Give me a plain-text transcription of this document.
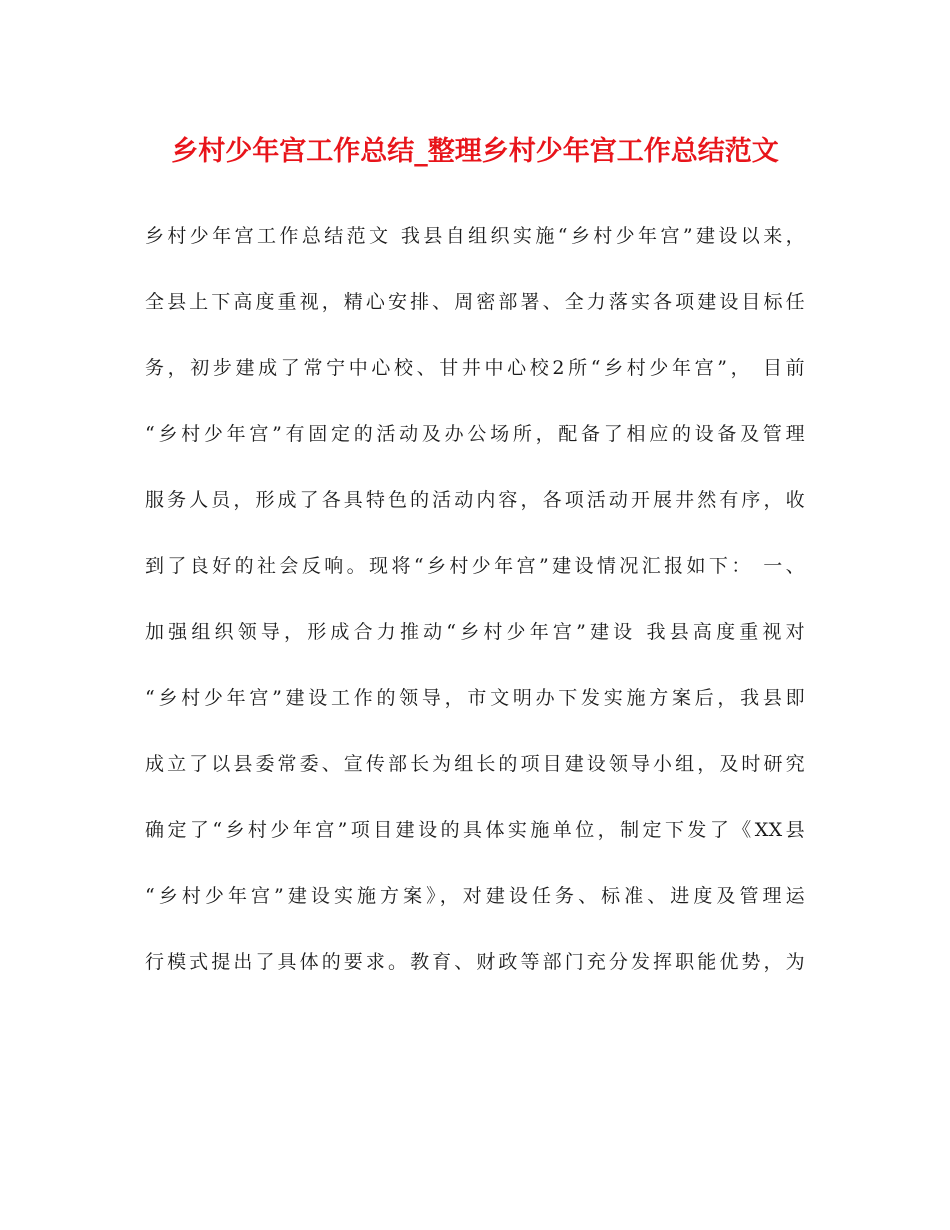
乡村少年宫工作总结_整理乡村少年宫工作总结范文
乡村少年宫工作总结范文 我县自组织实施“乡村少年宫”建设以来，
全县上下高度重视，精心安排、周密部署、全力落实各项建设目标任
务，初步建成了常宁中心校、甘井中心校2所“乡村少年宫”， 目前
“乡村少年宫”有固定的活动及办公场所，配备了相应的设备及管理
服务人员，形成了各具特色的活动内容，各项活动开展井然有序，收
到了良好的社会反响。现将“乡村少年宫”建设情况汇报如下： 一、
加强组织领导，形成合力推动“乡村少年宫”建设 我县高度重视对
“乡村少年宫”建设工作的领导，市文明办下发实施方案后，我县即
成立了以县委常委、宣传部长为组长的项目建设领导小组，及时研究
确定了“乡村少年宫”项目建设的具体实施单位，制定下发了《XX县
“乡村少年宫”建设实施方案》，对建设任务、标准、进度及管理运
行模式提出了具体的要求。教育、财政等部门充分发挥职能优势，为
